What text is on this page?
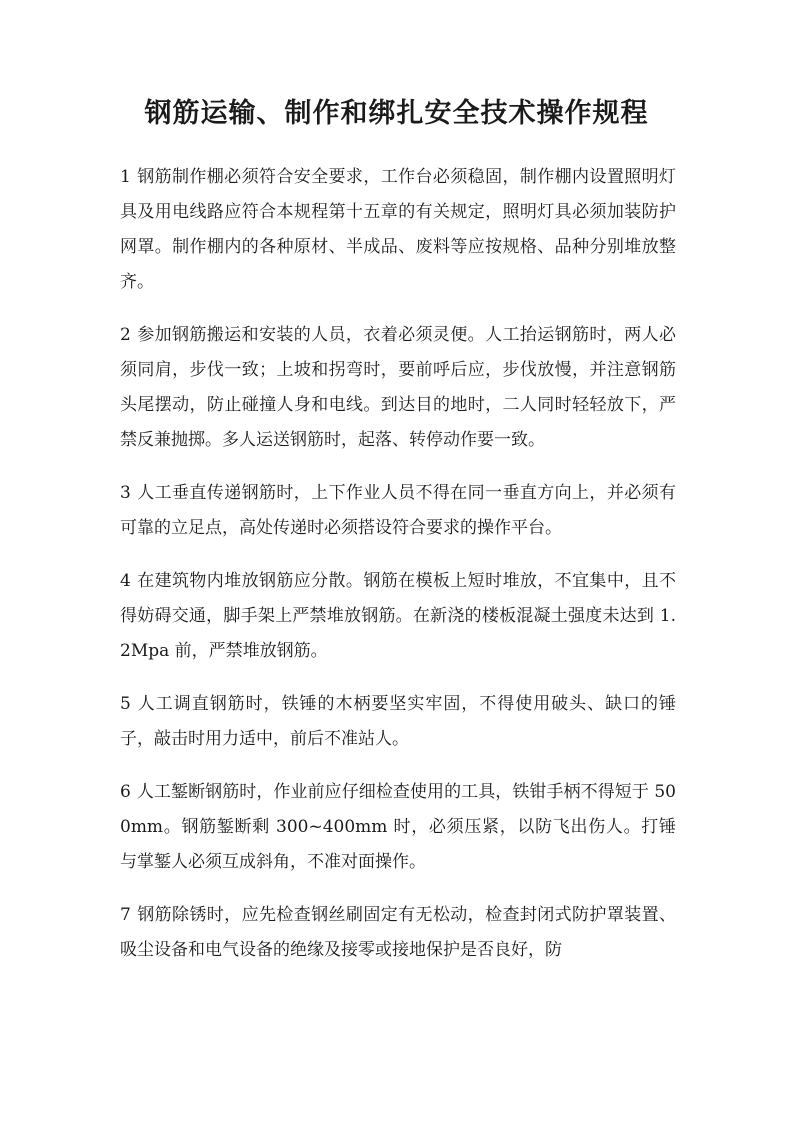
钢筋运输、制作和绑扎安全技术操作规程

1 钢筋制作棚必须符合安全要求，工作台必须稳固，制作棚内设置照明灯具及用电线路应符合本规程第十五章的有关规定，照明灯具必须加装防护网罩。制作棚内的各种原材、半成品、废料等应按规格、品种分别堆放整齐。

2 参加钢筋搬运和安装的人员，衣着必须灵便。人工抬运钢筋时，两人必须同肩，步伐一致；上坡和拐弯时，要前呼后应，步伐放慢，并注意钢筋头尾摆动，防止碰撞人身和电线。到达目的地时，二人同时轻轻放下，严禁反兼抛掷。多人运送钢筋时，起落、转停动作要一致。

3 人工垂直传递钢筋时，上下作业人员不得在同一垂直方向上，并必须有可靠的立足点，高处传递时必须搭设符合要求的操作平台。

4 在建筑物内堆放钢筋应分散。钢筋在模板上短时堆放，不宜集中，且不得妨碍交通，脚手架上严禁堆放钢筋。在新浇的楼板混凝土强度未达到 1.2Mpa 前，严禁堆放钢筋。

5 人工调直钢筋时，铁锤的木柄要坚实牢固，不得使用破头、缺口的锤子，敲击时用力适中，前后不准站人。

6 人工錾断钢筋时，作业前应仔细检查使用的工具，铁钳手柄不得短于 500mm。钢筋錾断剩 300~400mm 时，必须压紧，以防飞出伤人。打锤与掌錾人必须互成斜角，不准对面操作。

7 钢筋除锈时，应先检查钢丝刷固定有无松动，检查封闭式防护罩装置、吸尘设备和电气设备的绝缘及接零或接地保护是否良好，防
